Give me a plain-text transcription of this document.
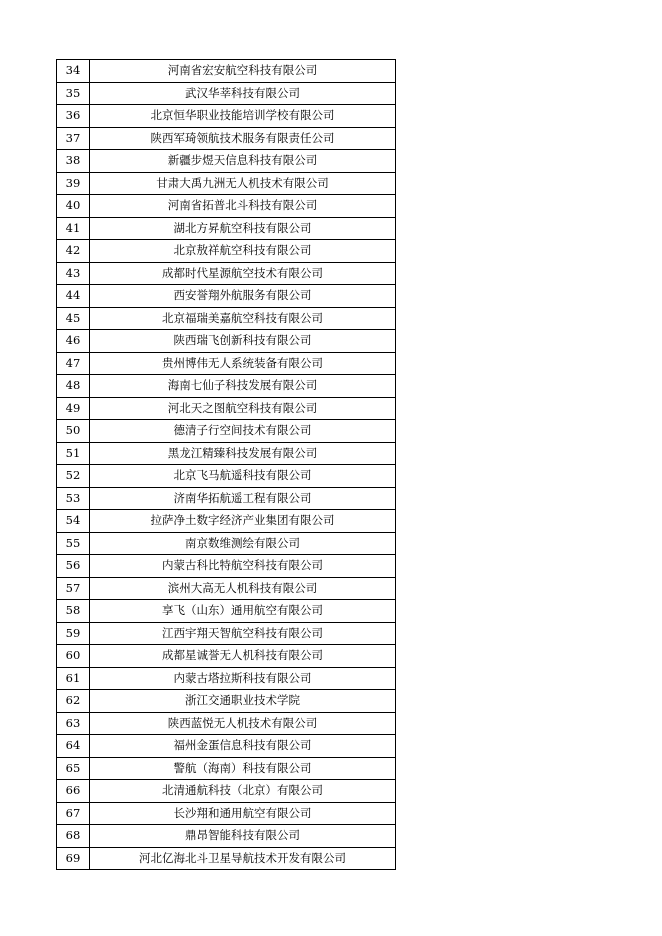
34	河南省宏安航空科技有限公司
35	武汉华莘科技有限公司
36	北京恒华职业技能培训学校有限公司
37	陕西军琦领航技术服务有限责任公司
38	新疆步煜天信息科技有限公司
39	甘肃大禹九洲无人机技术有限公司
40	河南省拓普北斗科技有限公司
41	湖北方昇航空科技有限公司
42	北京敖祥航空科技有限公司
43	成都时代星源航空技术有限公司
44	西安誉翔外航服务有限公司
45	北京福瑞美嘉航空科技有限公司
46	陕西瑞飞创新科技有限公司
47	贵州博伟无人系统装备有限公司
48	海南七仙子科技发展有限公司
49	河北天之图航空科技有限公司
50	德清子行空间技术有限公司
51	黑龙江精臻科技发展有限公司
52	北京飞马航遥科技有限公司
53	济南华拓航遥工程有限公司
54	拉萨净土数字经济产业集团有限公司
55	南京数维测绘有限公司
56	内蒙古科比特航空科技有限公司
57	滨州大高无人机科技有限公司
58	享飞（山东）通用航空有限公司
59	江西宇翔天智航空科技有限公司
60	成都星诚誉无人机科技有限公司
61	内蒙古塔拉斯科技有限公司
62	浙江交通职业技术学院
63	陕西蓝悦无人机技术有限公司
64	福州金蛋信息科技有限公司
65	警航（海南）科技有限公司
66	北清通航科技（北京）有限公司
67	长沙翔和通用航空有限公司
68	鼎昂智能科技有限公司
69	河北亿海北斗卫星导航技术开发有限公司
